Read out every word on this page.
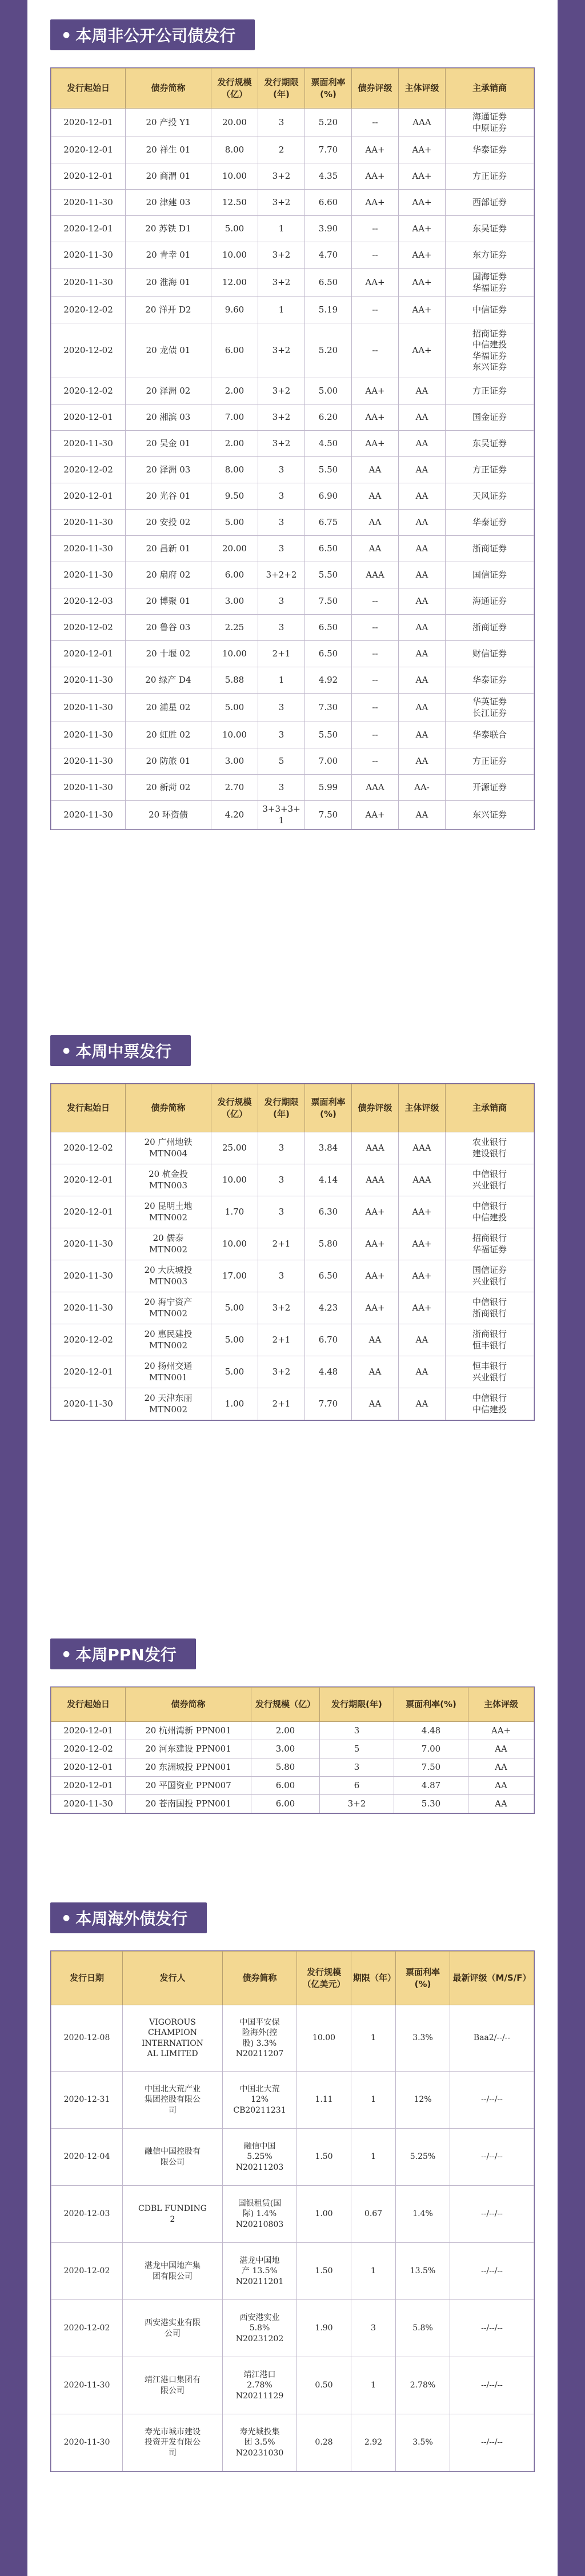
● 本周非公开公司债发行
发行起始日	债券简称	发行规模（亿）	发行期限(年)	票面利率(%)	债券评级	主体评级	主承销商
2020-12-01	20 产投 Y1	20.00	3	5.20	--	AAA	海通证券
中原证券
2020-12-01	20 祥生 01	8.00	2	7.70	AA+	AA+	华泰证券
2020-12-01	20 商渭 01	10.00	3+2	4.35	AA+	AA+	方正证券
2020-11-30	20 津建 03	12.50	3+2	6.60	AA+	AA+	西部证券
2020-12-01	20 苏铁 D1	5.00	1	3.90	--	AA+	东吴证券
2020-11-30	20 青幸 01	10.00	3+2	4.70	--	AA+	东方证券
2020-11-30	20 淮海 01	12.00	3+2	6.50	AA+	AA+	国海证券
华福证券
2020-12-02	20 洋开 D2	9.60	1	5.19	--	AA+	中信证券
2020-12-02	20 龙债 01	6.00	3+2	5.20	--	AA+	招商证券
中信建投
华福证券
东兴证券
2020-12-02	20 泽洲 02	2.00	3+2	5.00	AA+	AA	方正证券
2020-12-01	20 湘滨 03	7.00	3+2	6.20	AA+	AA	国金证券
2020-11-30	20 吴金 01	2.00	3+2	4.50	AA+	AA	东吴证券
2020-12-02	20 泽洲 03	8.00	3	5.50	AA	AA	方正证券
2020-12-01	20 光谷 01	9.50	3	6.90	AA	AA	天风证券
2020-11-30	20 安投 02	5.00	3	6.75	AA	AA	华泰证券
2020-11-30	20 昌新 01	20.00	3	6.50	AA	AA	浙商证券
2020-11-30	20 扇府 02	6.00	3+2+2	5.50	AAA	AA	国信证券
2020-12-03	20 博聚 01	3.00	3	7.50	--	AA	海通证券
2020-12-02	20 鲁谷 03	2.25	3	6.50	--	AA	浙商证券
2020-12-01	20 十堰 02	10.00	2+1	6.50	--	AA	财信证券
2020-11-30	20 绿产 D4	5.88	1	4.92	--	AA	华泰证券
2020-11-30	20 浦星 02	5.00	3	7.30	--	AA	华英证券
长江证券
2020-11-30	20 虹胜 02	10.00	3	5.50	--	AA	华泰联合
2020-11-30	20 防旅 01	3.00	5	7.00	--	AA	方正证券
2020-11-30	20 新菏 02	2.70	3	5.99	AAA	AA-	开源证券
2020-11-30	20 环资债	4.20	3+3+3+1	7.50	AA+	AA	东兴证券
● 本周中票发行
发行起始日	债券简称	发行规模（亿）	发行期限(年)	票面利率(%)	债券评级	主体评级	主承销商
2020-12-02	20 广州地铁
MTN004	25.00	3	3.84	AAA	AAA	农业银行
建设银行
2020-12-01	20 杭金投
MTN003	10.00	3	4.14	AAA	AAA	中信银行
兴业银行
2020-12-01	20 昆明土地
MTN002	1.70	3	6.30	AA+	AA+	中信银行
中信建投
2020-11-30	20 儒泰
MTN002	10.00	2+1	5.80	AA+	AA+	招商银行
华福证券
2020-11-30	20 大庆城投
MTN003	17.00	3	6.50	AA+	AA+	国信证券
兴业银行
2020-11-30	20 海宁资产
MTN002	5.00	3+2	4.23	AA+	AA+	中信银行
浙商银行
2020-12-02	20 惠民建投
MTN002	5.00	2+1	6.70	AA	AA	浙商银行
恒丰银行
2020-12-01	20 扬州交通
MTN001	5.00	3+2	4.48	AA	AA	恒丰银行
兴业银行
2020-11-30	20 天津东丽
MTN002	1.00	2+1	7.70	AA	AA	中信银行
中信建投
● 本周PPN发行
发行起始日	债券简称	发行规模（亿）	发行期限(年)	票面利率(%)	主体评级
2020-12-01	20 杭州湾新 PPN001	2.00	3	4.48	AA+
2020-12-02	20 河东建设 PPN001	3.00	5	7.00	AA
2020-12-01	20 东洲城投 PPN001	5.80	3	7.50	AA
2020-12-01	20 平国资业 PPN007	6.00	6	4.87	AA
2020-11-30	20 苍南国投 PPN001	6.00	3+2	5.30	AA
● 本周海外债发行
发行日期	发行人	债券简称	发行规模（亿美元）	期限（年）	票面利率(%)	最新评级（M/S/F）
2020-12-08	VIGOROUS
CHAMPION
INTERNATION
AL LIMITED	中国平安保
险海外(控
股) 3.3%
N20211207	10.00	1	3.3%	Baa2/--/--
2020-12-31	中国北大荒产业
集团控股有限公
司	中国北大荒
12%
CB20211231	1.11	1	12%	--/--/--
2020-12-04	融信中国控股有
限公司	融信中国
5.25%
N20211203	1.50	1	5.25%	--/--/--
2020-12-03	CDBL FUNDING
2	国银租赁(国
际) 1.4%
N20210803	1.00	0.67	1.4%	--/--/--
2020-12-02	湛龙中国地产集
团有限公司	湛龙中国地
产 13.5%
N20211201	1.50	1	13.5%	--/--/--
2020-12-02	西安港实业有限
公司	西安港实业
5.8%
N20231202	1.90	3	5.8%	--/--/--
2020-11-30	靖江港口集团有
限公司	靖江港口
2.78%
N20211129	0.50	1	2.78%	--/--/--
2020-11-30	寿光市城市建设
投资开发有限公
司	寿光城投集
团 3.5%
N20231030	0.28	2.92	3.5%	--/--/--
